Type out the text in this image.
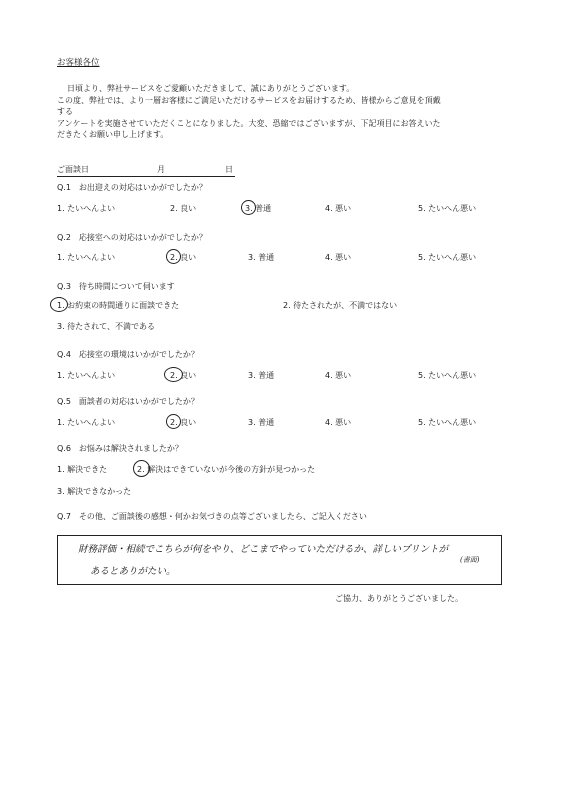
お客様各位

日頃より、弊社サービスをご愛顧いただきまして、誠にありがとうございます。

この度、弊社では、より一層お客様にご満足いただけるサービスをお届けするため、皆様からご意見を頂戴

する

アンケートを実施させていただくことになりました。大変、恐縮ではございますが、下記項目にお答えいた

だきたくお願い申し上げます。

ご面談日	月	日
Q.1　お出迎えの対応はいかがでしたか？
1. たいへんよい	2. 良い	3. 普通	4. 悪い	5. たいへん悪い
Q.2　応接室への対応はいかがでしたか？
1. たいへんよい	2. 良い	3. 普通	4. 悪い	5. たいへん悪い
Q.3　待ち時間について伺います
1. お約束の時間通りに面談できた	2. 待たされたが、不満ではない
3. 待たされて、不満である
Q.4　応接室の環境はいかがでしたか？
1. たいへんよい	2. 良い	3. 普通	4. 悪い	5. たいへん悪い
Q.5　面談者の対応はいかがでしたか？
1. たいへんよい	2. 良い	3. 普通	4. 悪い	5. たいへん悪い
Q.6　お悩みは解決されましたか？
1. 解決できた	2. 解決はできていないが今後の方針が見つかった
3. 解決できなかった
Q.7　その他、ご面談後の感想・何かお気づきの点等ございましたら、ご記入ください
財務評価・相続でこちらが何をやり、どこまでやっていただけるか、詳しいプリントが
(書面)
あるとありがたい。
ご協力、ありがとうございました。
